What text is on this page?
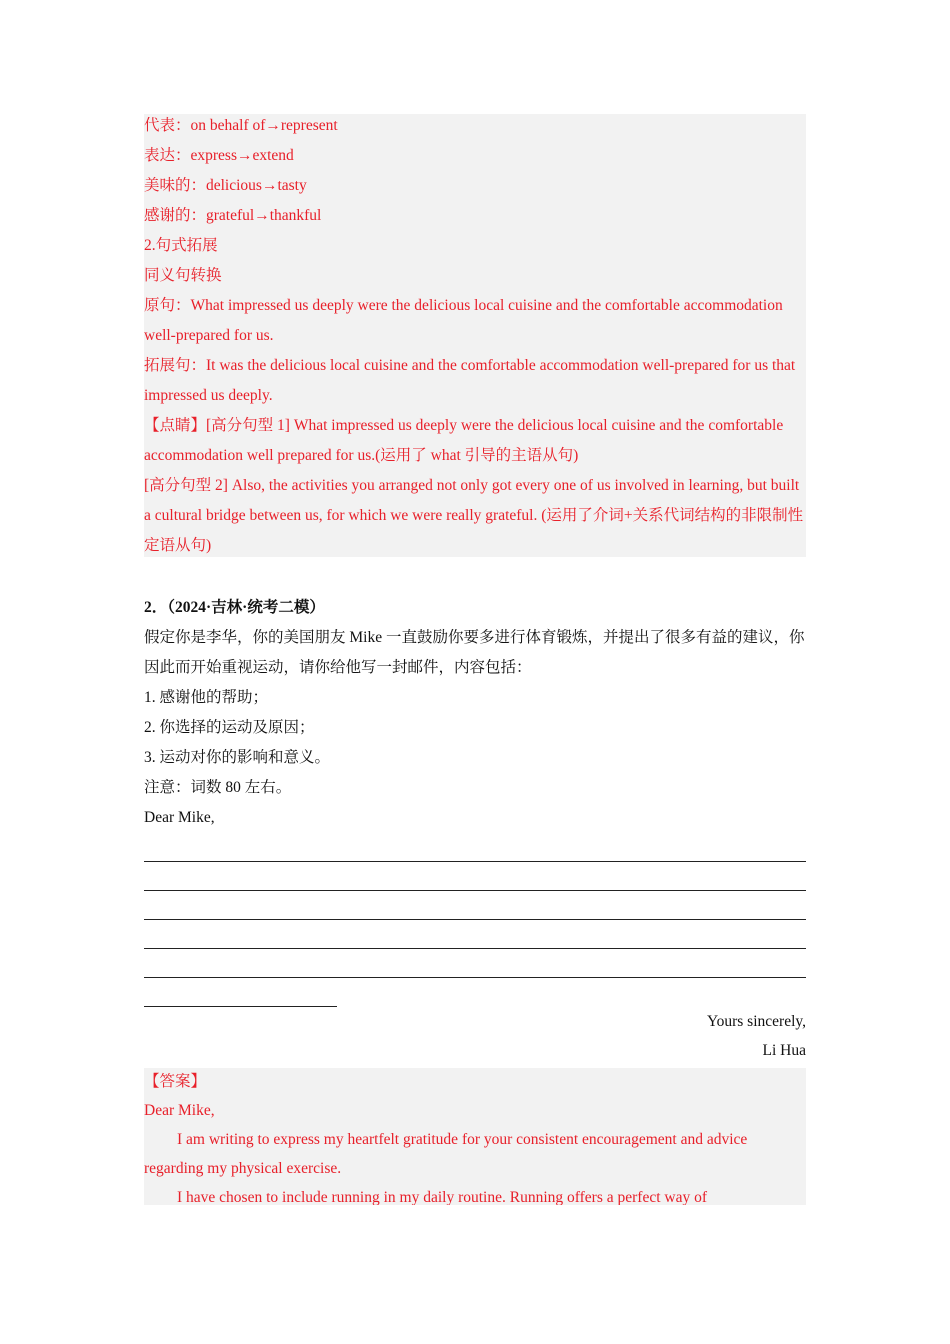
代表：on behalf of→represent
表达：express→extend
美味的：delicious→tasty
感谢的：grateful→thankful
2.句式拓展
同义句转换
原句：What impressed us deeply were the delicious local cuisine and the comfortable accommodation well-prepared for us.
拓展句：It was the delicious local cuisine and the comfortable accommodation well-prepared for us that impressed us deeply.
【点睛】[高分句型 1] What impressed us deeply were the delicious local cuisine and the comfortable accommodation well prepared for us.(运用了 what 引导的主语从句)
[高分句型 2] Also, the activities you arranged not only got every one of us involved in learning, but built a cultural bridge between us, for which we were really grateful. (运用了介词+关系代词结构的非限制性定语从句)
2．（2024·吉林·统考二模）
假定你是李华，你的美国朋友 Mike 一直鼓励你要多进行体育锻炼，并提出了很多有益的建议，你因此而开始重视运动，请你给他写一封邮件，内容包括：
1. 感谢他的帮助；
2. 你选择的运动及原因；
3. 运动对你的影响和意义。
注意：词数 80 左右。
Dear Mike,
Yours sincerely,
Li Hua
【答案】
Dear Mike,
I am writing to express my heartfelt gratitude for your consistent encouragement and advice regarding my physical exercise.
I have chosen to include running in my daily routine. Running offers a perfect way of
